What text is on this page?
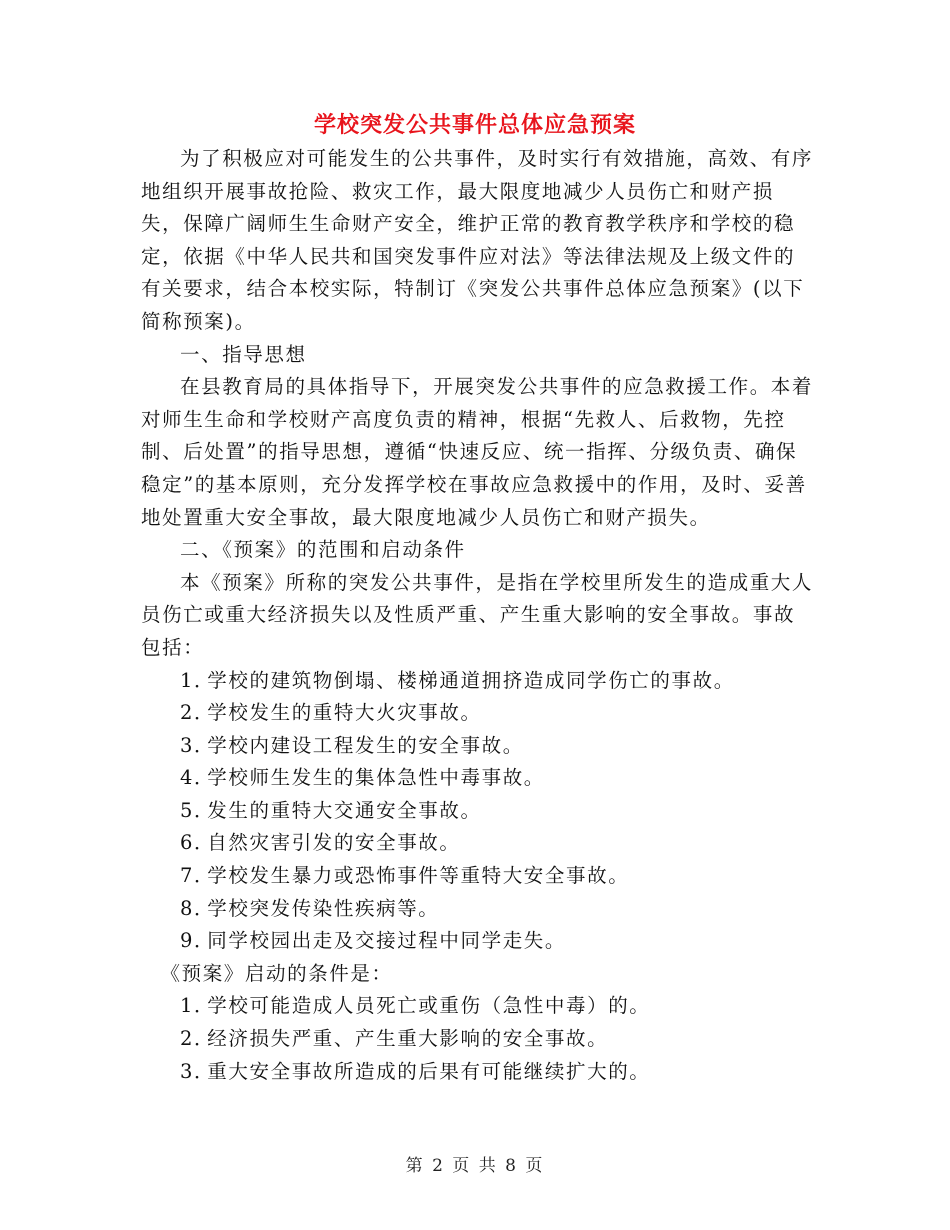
学校突发公共事件总体应急预案

为了积极应对可能发生的公共事件，及时实行有效措施，高效、有序地组织开展事故抢险、救灾工作，最大限度地减少人员伤亡和财产损失，保障广阔师生生命财产安全，维护正常的教育教学秩序和学校的稳定，依据《中华人民共和国突发事件应对法》等法律法规及上级文件的有关要求，结合本校实际，特制订《突发公共事件总体应急预案》(以下简称预案)。

一、指导思想

在县教育局的具体指导下，开展突发公共事件的应急救援工作。本着对师生生命和学校财产高度负责的精神，根据“先救人、后救物，先控制、后处置”的指导思想，遵循“快速反应、统一指挥、分级负责、确保稳定”的基本原则，充分发挥学校在事故应急救援中的作用，及时、妥善地处置重大安全事故，最大限度地减少人员伤亡和财产损失。

二、《预案》的范围和启动条件

本《预案》所称的突发公共事件，是指在学校里所发生的造成重大人员伤亡或重大经济损失以及性质严重、产生重大影响的安全事故。事故包括：

1．学校的建筑物倒塌、楼梯通道拥挤造成同学伤亡的事故。

2．学校发生的重特大火灾事故。

3．学校内建设工程发生的安全事故。

4．学校师生发生的集体急性中毒事故。

5．发生的重特大交通安全事故。

6．自然灾害引发的安全事故。

7．学校发生暴力或恐怖事件等重特大安全事故。

8．学校突发传染性疾病等。

9．同学校园出走及交接过程中同学走失。

《预案》启动的条件是：

1．学校可能造成人员死亡或重伤（急性中毒）的。

2．经济损失严重、产生重大影响的安全事故。

3．重大安全事故所造成的后果有可能继续扩大的。

第 2 页 共 8 页
